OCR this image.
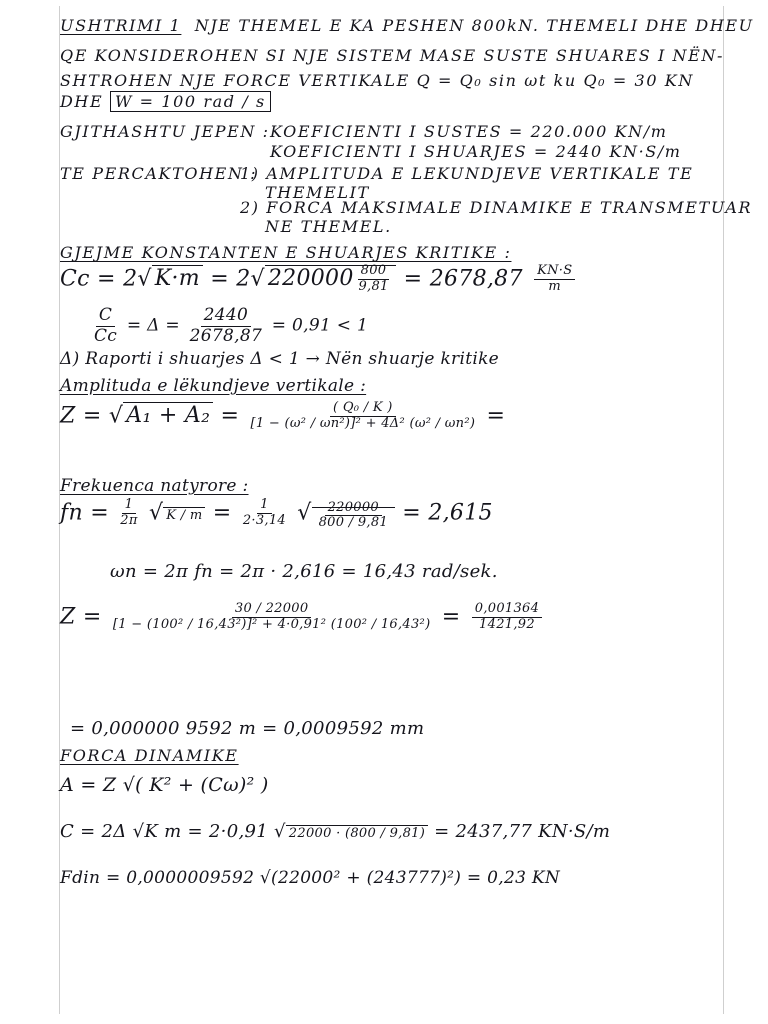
USHTRIMI 1 NJE THEMEL E KA PESHEN 800kN. THEMELI DHE DHEU
QE KONSIDEROHEN SI NJE SISTEM MASE SUSTE SHUARES I NËN-
SHTROHEN NJE FORCE VERTIKALE Q = Q₀ sin ωt ku Q₀ = 30 KN
DHE W = 100 rad / s
GJITHASHTU JEPEN : KOEFICIENTI I SUSTES = 220.000 KN/m
KOEFICIENTI I SHUARJES = 2440 KN·S/m
TE PERCAKTOHEN :
1) AMPLITUDA E LEKUNDJEVE VERTIKALE TE
THEMELIT
2) FORCA MAKSIMALE DINAMIKE E TRANSMETUAR
NE THEMEL.
GJEJME KONSTANTEN E SHUARJES KRITIKE :
Cc = 2√ K·m = 2√ $220000 \frac{800}{9,81} = 2678,87 \frac{KN\cdot S}{m}$
$\frac{C}{Cc} = \Delta = \frac{2440}{2678,87} = 0,91 < 1$
Δ) Raporti i shuarjes Δ < 1 → Nën shuarje kritike
Amplituda e lëkundjeve vertikale :
Z = √ $A_1 + A_2 = \frac{\text{( Q₀ / K )}}{\text{[1 − (ω² / ωn²)]² + 4Δ² (ω² / ωn²)}}$ =
Frekuenca natyrore :
fn = $\frac{1}{2\pi}$ √ $K / m = \frac{1}{2\cdot 3,14}$ √ $\frac{220000}{800 / 9,81} = 2,615$
ωn = 2π fn = 2π · 2,616 = 16,43 rad/sek.
$Z = \frac{30 / 22000}{\text{[1 − (100² / 16,43²)]² + 4·0,91² (100² / 16,43²)}} = \frac{0,001364}{1421,92}$
= 0,000000 9592 m = 0,0009592 mm
FORCA DINAMIKE
A = Z √( K² + (Cω)² )
C = 2Δ √K m = 2·0,91 √ 22000 · (800 / 9,81) = 2437,77 KN·S/m
Fdin = 0,0000009592 √(22000² + (243777)²) = 0,23 KN
